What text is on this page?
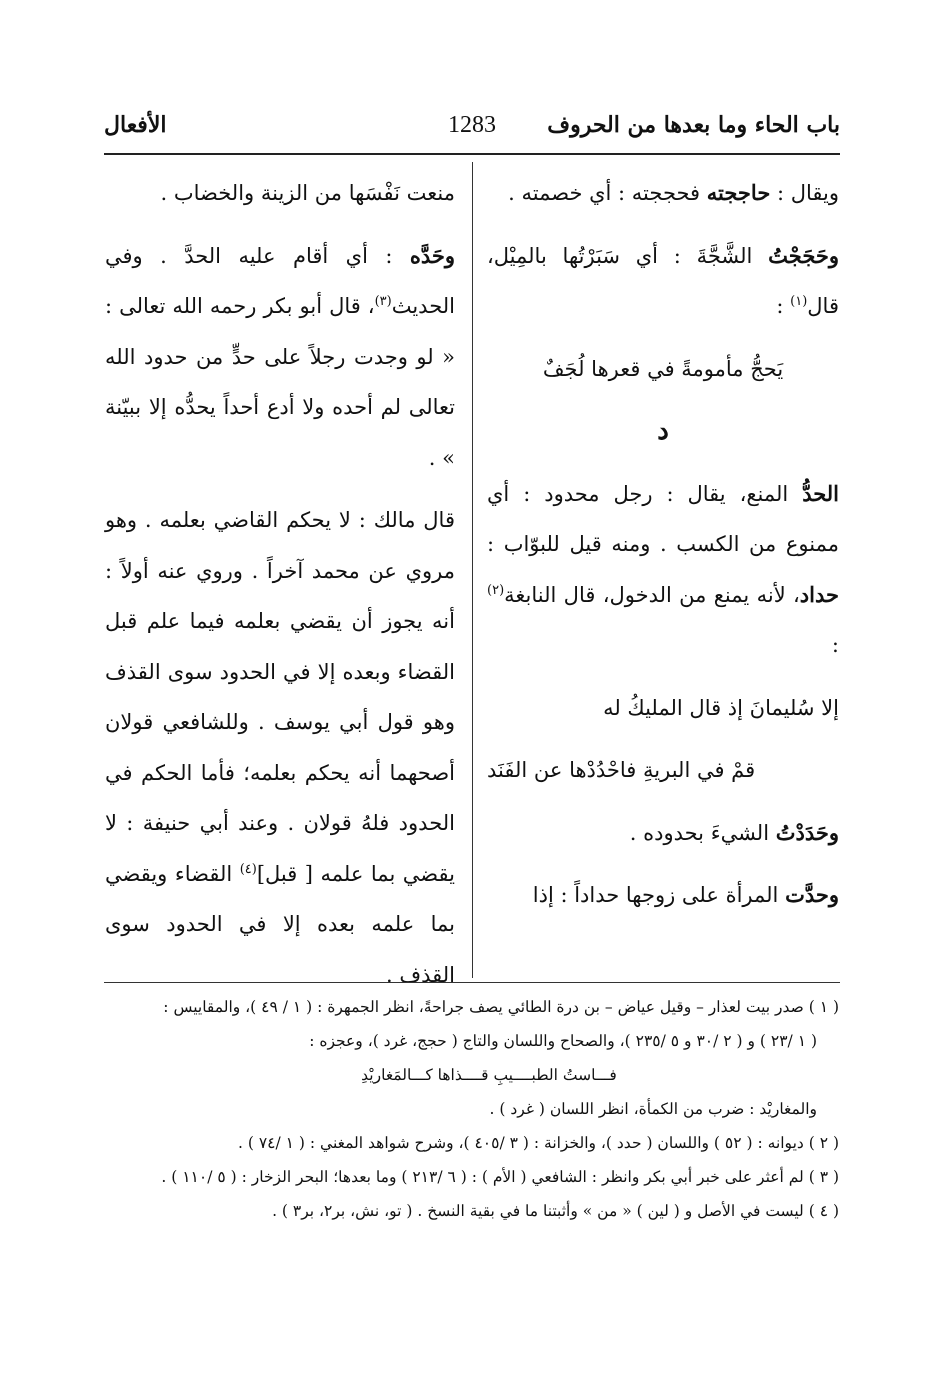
باب الحاء وما بعدها من الحروف
1283
الأفعال

ويقال : حاججته فحججته : أي خصمته .

وحَجَجْتُ الشَّجَّةَ : أي سَبَرْتُها بالمِيْل، قال$^{(١)}$ :

يَحجُّ مأمومةً في قعرها لُجَفٌ
د

الحدُّ المنع، يقال : رجل محدود : أي ممنوع من الكسب . ومنه قيل للبوّاب : حداد، لأنه يمنع من الدخول، قال النابغة$^{(٢)}$ :

إلا سُليمانَ إذ قال المليكُ له
قمْ في البريةِ فاحْدُدْها عن الفَنَد

وحَدَدْتُ الشيءَ بحدوده .

وحدَّت المرأة على زوجها حداداً : إذا

منعت نَفْسَها من الزينة والخضاب .

وحَدَّه : أي أقام عليه الحدَّ . وفي الحديث$^{(٣)}$، قال أبو بكر رحمه الله تعالى : « لو وجدت رجلاً على حدٍّ من حدود الله تعالى لم أحده ولا أدع أحداً يحدُّه إلا ببيّنة » .

قال مالك : لا يحكم القاضي بعلمه . وهو مروي عن محمد آخراً . وروي عنه أولاً : أنه يجوز أن يقضي بعلمه فيما علم قبل القضاء وبعده إلا في الحدود سوى القذف وهو قول أبي يوسف . وللشافعي قولان أصحهما أنه يحكم بعلمه؛ فأما الحكم في الحدود فلهُ قولان . وعند أبي حنيفة : لا يقضي بما علمه [ قبل]$^{(٤)}$ القضاء ويقضي بما علمه بعده إلا في الحدود سوى القذف .

( ١ ) صدر بيت لعذار – وقيل عياض – بن درة الطائي يصف جراحةً، انظر الجمهرة : ( ١ / ٤٩ )، والمقاييس :
( ١ /٢٣ ) و ( ٢ /٣٠ و ٥ /٢٣٥ )، والصحاح واللسان والتاج ( حجج، غرد )، وعجزه :
فـــاستُ الطبــــيبِ قــــذاها كـــالمَغاريْدِ
والمغاريْد : ضرب من الكمأة، انظر اللسان ( غرد ) .
( ٢ ) ديوانه : ( ٥٢ ) واللسان ( حدد )، والخزانة : ( ٣ /٤٠٥ )، وشرح شواهد المغني : ( ١ /٧٤ ) .
( ٣ ) لم أعثر على خبر أبي بكر وانظر : الشافعي ( الأم ) : ( ٦ /٢١٣ ) وما بعدها؛ البحر الزخار : ( ٥ /١١٠ ) .
( ٤ ) ليست في الأصل و ( لين ) « من » وأثبتنا ما في بقية النسخ . ( تو، نش، بر٢، بر٣ ) .
